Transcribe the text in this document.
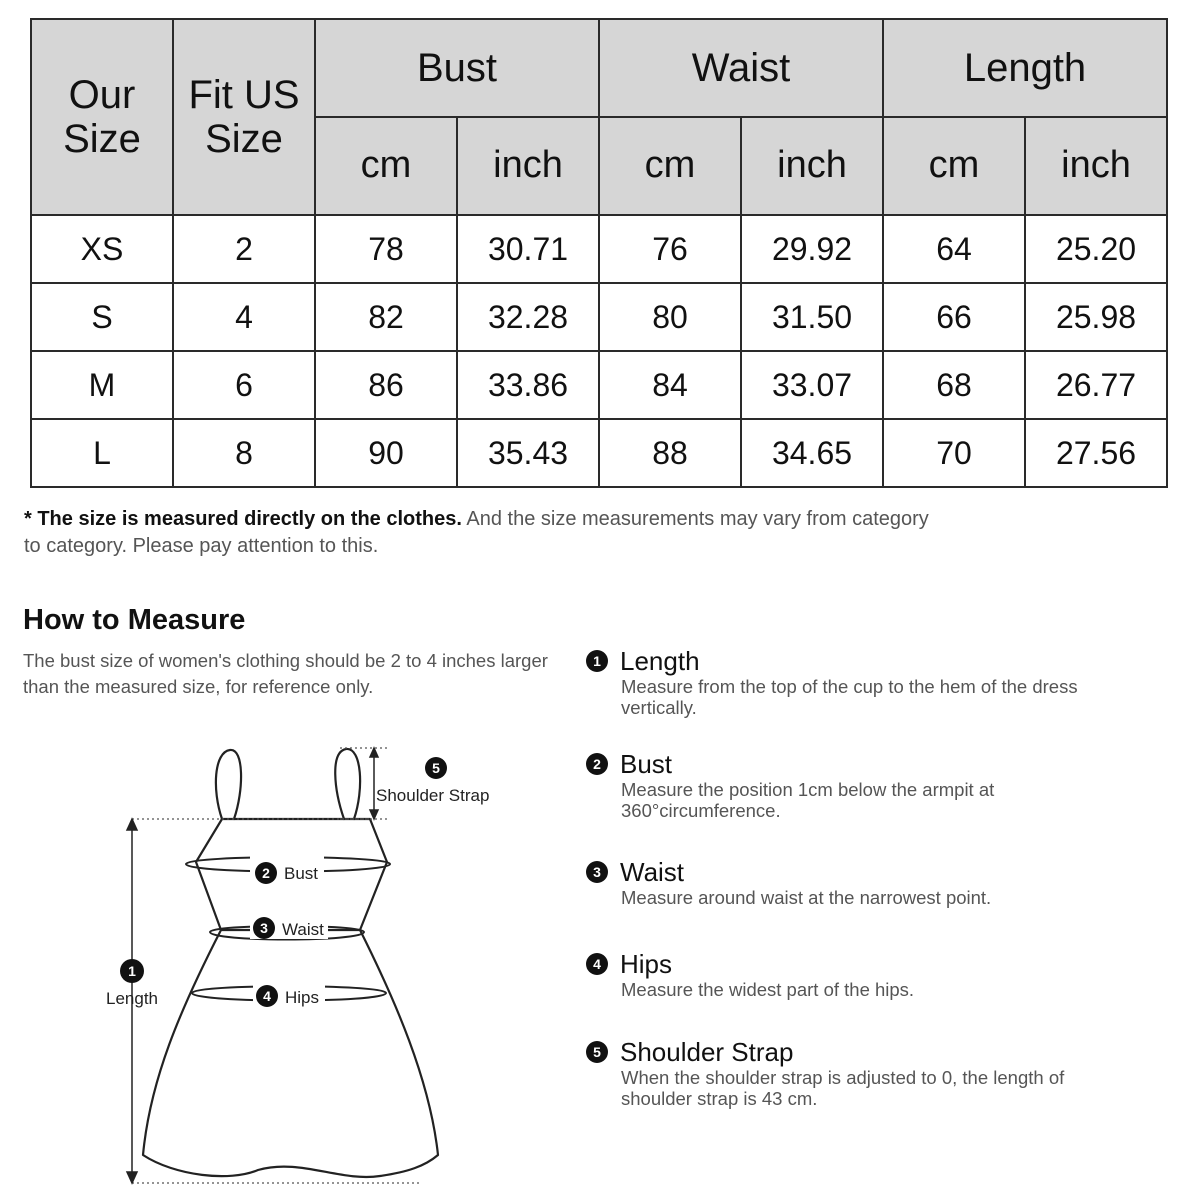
Our Size	Fit US Size	Bust		Waist		Length	
		cm	inch	cm	inch	cm	inch
XS	2	78	30.71	76	29.92	64	25.20
S	4	82	32.28	80	31.50	66	25.98
M	6	86	33.86	84	33.07	68	26.77
L	8	90	35.43	88	34.65	70	27.56
* The size is measured directly on the clothes. And the size measurements may vary from category to category. Please pay attention to this.
How to Measure
The bust size of women's clothing should be 2 to 4 inches larger than the measured size, for reference only.
5
2
3
4
1
Shoulder Strap
Bust
Waist
Hips
Length
1 Length
Measure from the top of the cup to the hem of the dress vertically.
2 Bust
Measure the position 1cm below the armpit at 360°circumference.
3 Waist
Measure around waist at the narrowest point.
4 Hips
Measure the widest part of the hips.
5 Shoulder Strap
When the shoulder strap is adjusted to 0, the length of shoulder strap is 43 cm.
